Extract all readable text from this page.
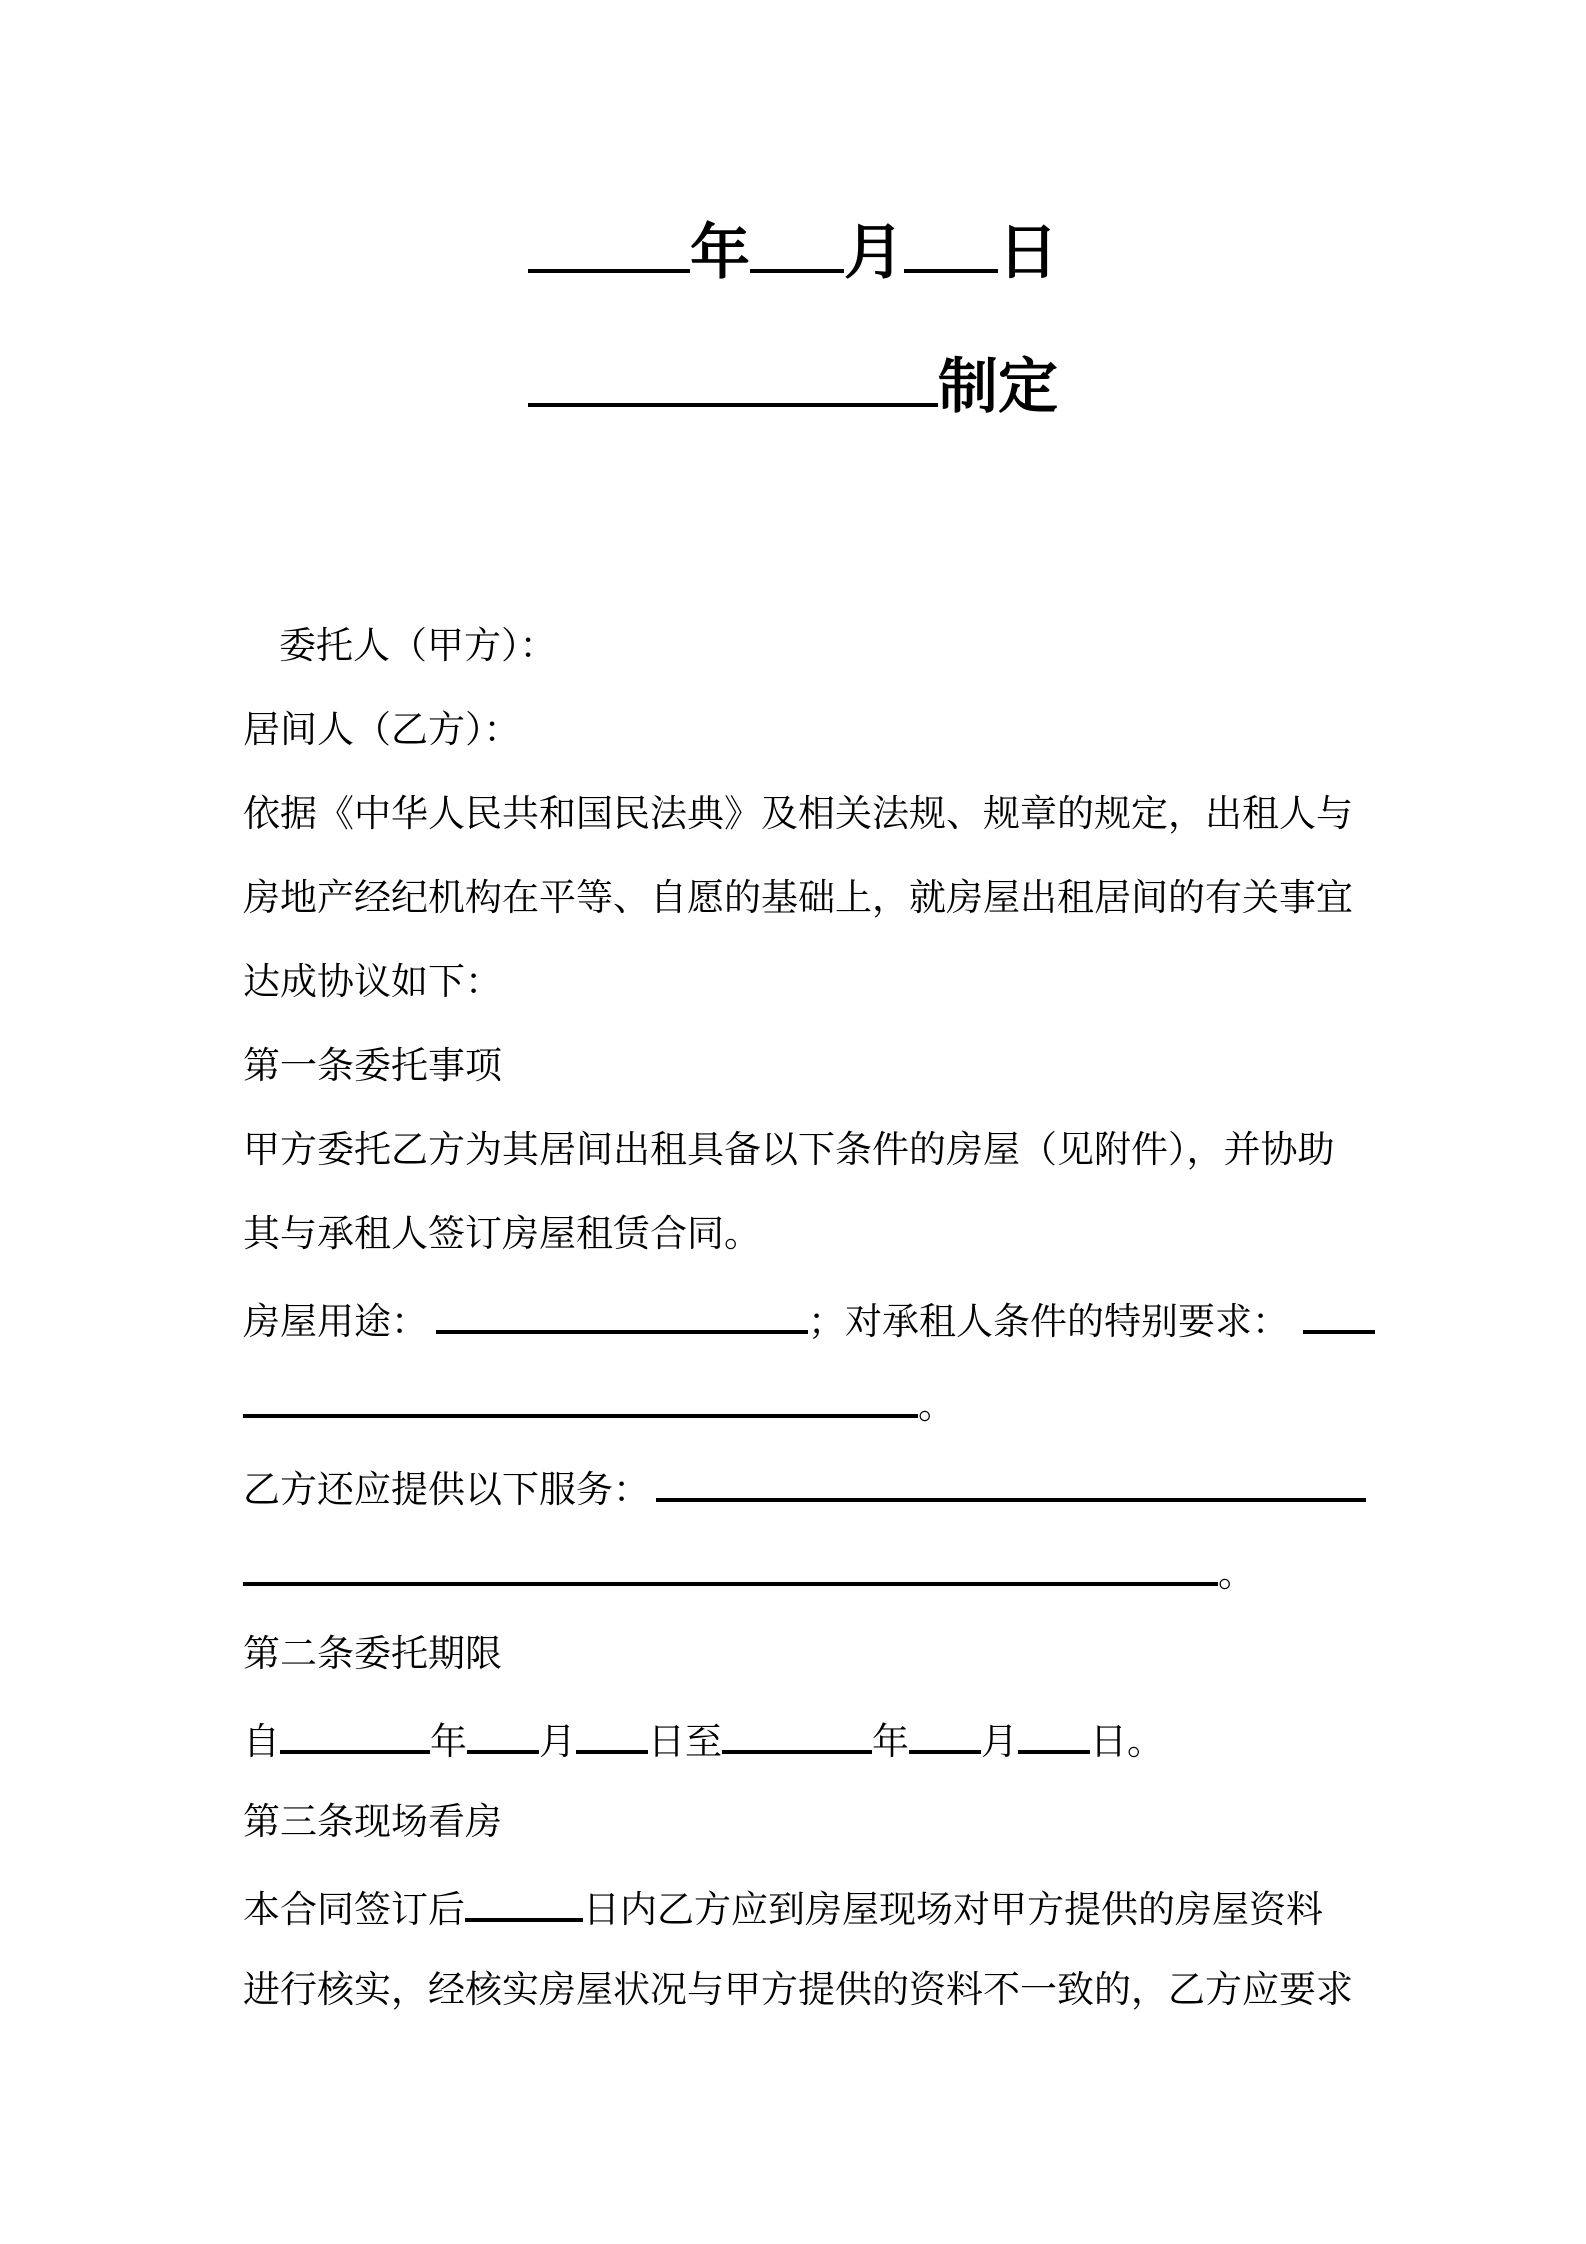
年 月 日
制定
委托人（甲方）：
居间人（乙方）：
依据《中华人民共和国民法典》及相关法规、规章的规定，出租人与
房地产经纪机构在平等、自愿的基础上，就房屋出租居间的有关事宜
达成协议如下：
第一条委托事项
甲方委托乙方为其居间出租具备以下条件的房屋（见附件），并协助
其与承租人签订房屋租赁合同。
房屋用途：	；对承租人条件的特别要求：
。
乙方还应提供以下服务：
。
第二条委托期限
自	年 月 日至	年 月 日。
第三条现场看房
本合同签订后	日内乙方应到房屋现场对甲方提供的房屋资料
进行核实，经核实房屋状况与甲方提供的资料不一致的，乙方应要求
